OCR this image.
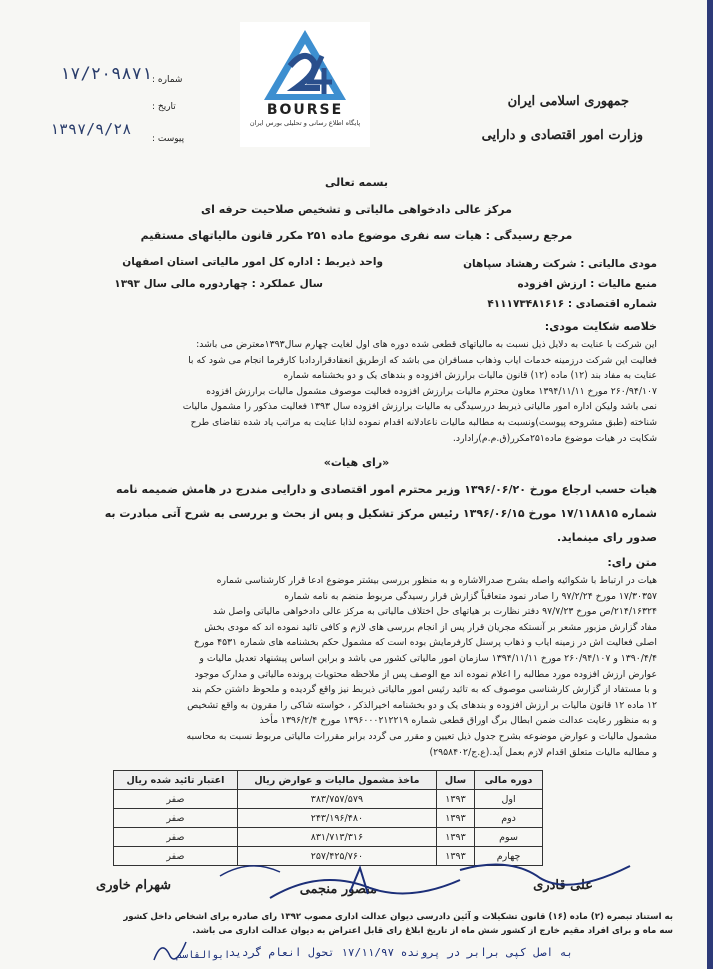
۱۷/۲۰۹۸۷۱ شماره :
تاریخ :
۱۳۹۷/۹/۲۸
پیوست :
BOURSE
پایگاه اطلاع رسانی و تحلیلی بورس ایران
جمهوری اسلامی ایران
وزارت امور اقتصادی و دارایی
بسمه تعالی
مرکز عالی دادخواهی مالیاتی و تشخیص صلاحیت حرفه ای
مرجع رسیدگی : هیات سه نفری موضوع ماده ۲۵۱ مکرر قانون مالیاتهای مستقیم
مودی مالیاتی : شرکت رهشاد سپاهان
واحد ذیربط : اداره کل امور مالیاتی استان اصفهان
منبع مالیات : ارزش افزوده
سال عملکرد : چهاردوره مالی سال ۱۳۹۳
شماره اقتصادی : ۴۱۱۱۷۳۴۸۱۶۱۶
خلاصه شکایت مودی:
این شرکت با عنایت به دلایل ذیل نسبت به مالیاتهای قطعی شده دوره های اول لغایت چهارم سال۱۳۹۳معترض می باشد:
فعالیت این شرکت درزمینه خدمات ایاب وذهاب مسافران می باشد که ازطریق انعقادقراردادبا کارفرما انجام می شود که با
عنایت به مفاد بند (۱۲) ماده (۱۲) قانون مالیات برارزش افزوده و بندهای یک و دو بخشنامه شماره
۲۶۰/۹۴/۱۰۷ مورخ ۱۳۹۴/۱۱/۱۱ معاون محترم مالیات برارزش افزوده فعالیت موصوف مشمول مالیات برارزش افزوده
نمی باشد ولیکن اداره امور مالیاتی ذیربط دررسیدگی به مالیات برارزش افزوده سال ۱۳۹۳ فعالیت مذکور را مشمول مالیات
شناخته (طبق مشروحه پیوست)ونسبت به مطالبه مالیات ناعادلانه اقدام نموده لذابا عنایت به مراتب یاد شده تقاضای طرح
شکایت در هیات موضوع ماده۲۵۱مکرر(ق.م.م)رادارد.
«رای هیات»
هیات حسب ارجاع مورخ ۱۳۹۶/۰۶/۲۰ وزیر محترم امور اقتصادی و دارایی مندرج در هامش ضمیمه نامه
شماره ۱۷/۱۱۸۸۱۵ مورخ ۱۳۹۶/۰۶/۱۵ رئیس مرکز تشکیل و پس از بحث و بررسی به شرح آتی مبادرت به
صدور رای مینماید.
متن رای:
هیات در ارتباط با شکوائیه واصله بشرح صدرالاشاره و به منظور بررسی بیشتر موضوع ادعا قرار کارشناسی شماره
۱۷/۳۰۳۵۷ مورخ ۹۷/۲/۲۴ را صادر نمود متعاقباً گزارش قرار رسیدگی مربوط منضم به نامه شماره
۲۱۴/۱۶۳۲۴/ص مورخ ۹۷/۷/۲۳ دفتر نظارت بر هیاتهای حل اختلاف مالیاتی به مرکز عالی دادخواهی مالیاتی واصل شد
مفاد گزارش مزبور مشعر بر آنستکه مجریان قرار پس از انجام بررسی های لازم و کافی تائید نموده اند که مودی بخش
اصلی فعالیت اش در زمینه ایاب و ذهاب پرسنل کارفرمایش بوده است که مشمول حکم بخشنامه های شماره ۴۵۳۱ مورخ
۱۳۹۰/۴/۴ و ۲۶۰/۹۴/۱۰۷ مورخ ۱۳۹۴/۱۱/۱۱ سازمان امور مالیاتی کشور می باشد و براین اساس پیشنهاد تعدیل مالیات و
عوارض ارزش افزوده مورد مطالبه را اعلام نموده اند مع الوصف پس از ملاحظه محتویات پرونده مالیاتی و مدارک موجود
و با مستفاد از گزارش کارشناسی موصوف که به تائید رئیس امور مالیاتی ذیربط نیز واقع گردیده و ملحوظ داشتن حکم بند
۱۲ ماده ۱۲ قانون مالیات بر ارزش افزوده و بندهای یک و دو بخشنامه اخیرالذکر ، خواسته شاکی را مقرون به واقع تشخیص
و به منظور رعایت عدالت ضمن ابطال برگ اوراق قطعی شماره ۱۳۹۶۰۰۰۲۱۲۲۱۹ مورخ ۱۳۹۶/۲/۴ مأخذ
مشمول مالیات و عوارض موضوعه بشرح جدول ذیل تعیین و مقرر می گردد برابر مقررات مالیاتی مربوط نسبت به محاسبه
و مطالبه مالیات متعلق اقدام لازم بعمل آید.(ع.ج/۲۹۵۸۴۰۲)
دوره مالی	سال	ماخذ مشمول مالیات و عوارض ریال	اعتبار تائید شده ریال
اول	۱۳۹۳	۳۸۳/۷۵۷/۵۷۹	صفر
دوم	۱۳۹۳	۲۴۳/۱۹۶/۴۸۰	صفر
سوم	۱۳۹۳	۸۳۱/۷۱۳/۳۱۶	صفر
چهارم	۱۳۹۳	۲۵۷/۴۲۵/۷۶۰	صفر
علی قادری
منصور منجمی
شهرام خاوری
به استناد تبصره (۲) ماده (۱۶) قانون تشکیلات و آئین دادرسی دیوان عدالت اداری مصوب ۱۳۹۲ رای صادره برای اشخاص داخل کشور
سه ماه و برای افراد مقیم خارج از کشور شش ماه از تاریخ ابلاغ رای قابل اعتراض به دیوان عدالت اداری می باشد.
به اصل کپی برابر در پرونده ۱۷/۱۱/۹۷ تحول انعام گردید
ابوالقاسم
